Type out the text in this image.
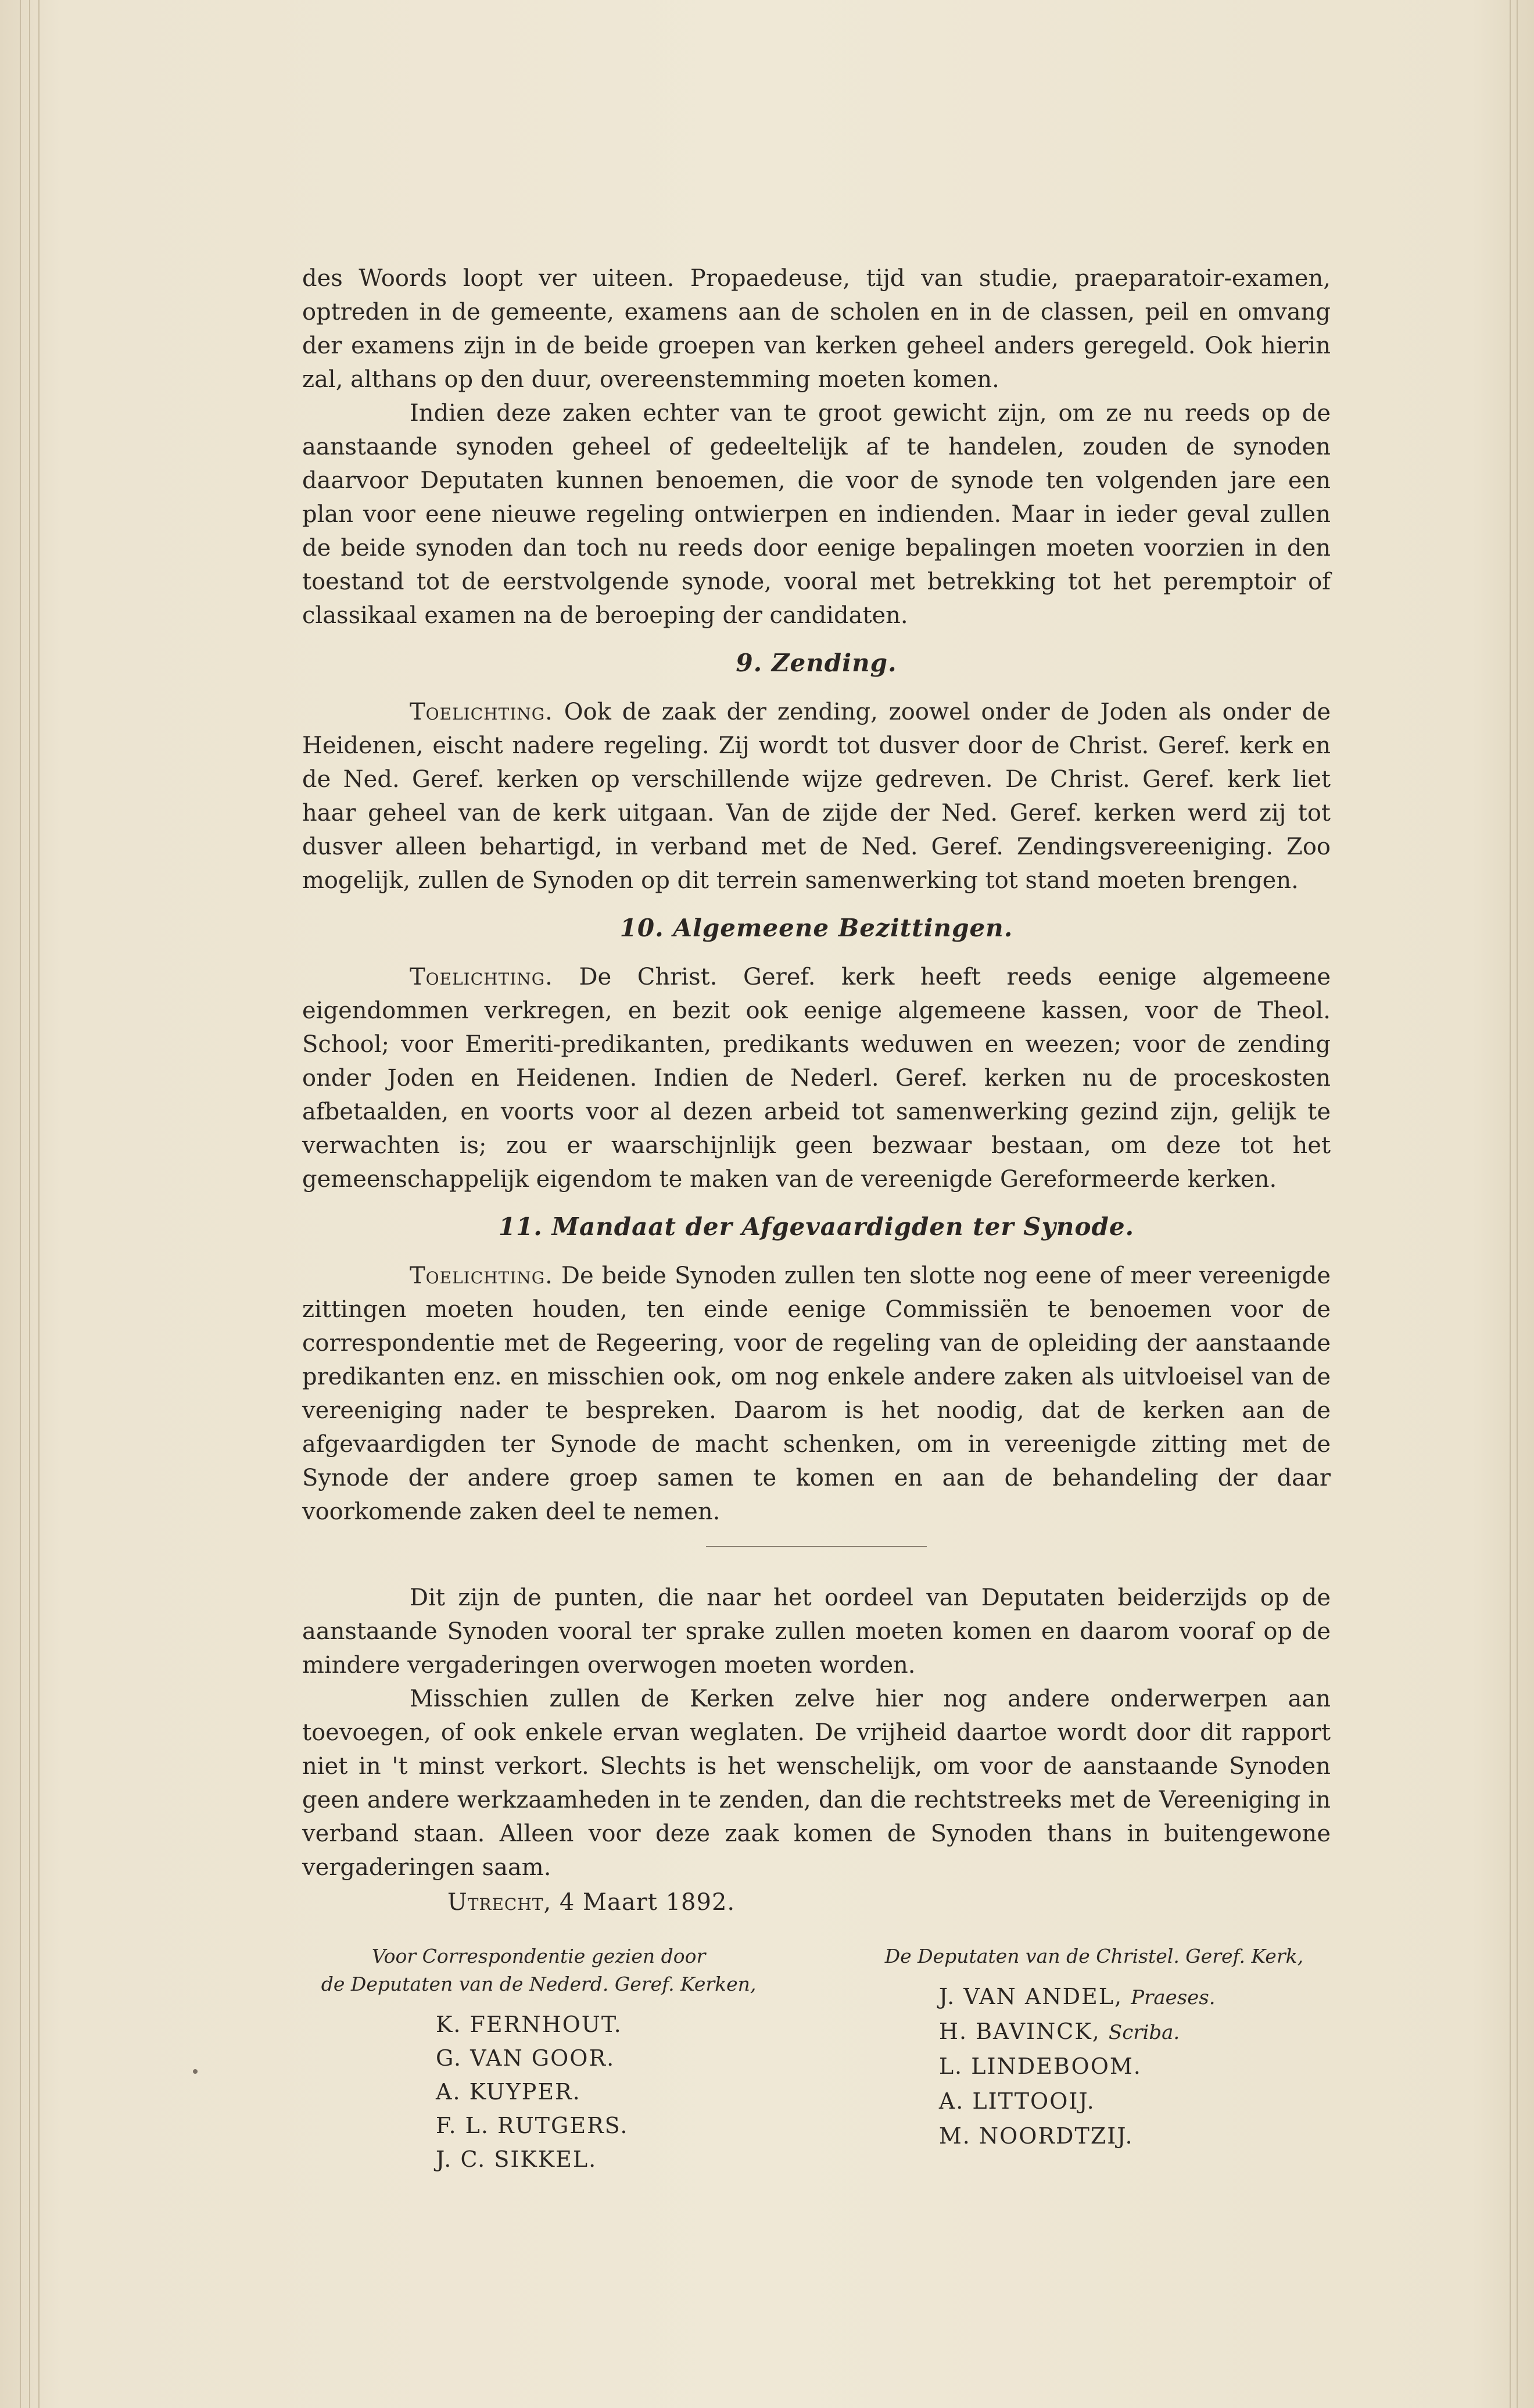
des Woords loopt ver uiteen. Propaedeuse, tijd van studie, praeparatoir-examen, optreden in de gemeente, examens aan de scholen en in de classen, peil en omvang der examens zijn in de beide groepen van kerken geheel anders geregeld. Ook hierin zal, althans op den duur, overeenstemming moeten komen.

Indien deze zaken echter van te groot gewicht zijn, om ze nu reeds op de aanstaande synoden geheel of gedeeltelijk af te handelen, zouden de synoden daarvoor Deputaten kunnen benoemen, die voor de synode ten volgenden jare een plan voor eene nieuwe regeling ontwierpen en indienden. Maar in ieder geval zullen de beide synoden dan toch nu reeds door eenige bepalingen moeten voorzien in den toestand tot de eerstvolgende synode, vooral met betrekking tot het peremptoir of classikaal examen na de beroeping der candidaten.

9. Zending.

Toelichting. Ook de zaak der zending, zoowel onder de Joden als onder de Heidenen, eischt nadere regeling. Zij wordt tot dusver door de Christ. Geref. kerk en de Ned. Geref. kerken op verschillende wijze gedreven. De Christ. Geref. kerk liet haar geheel van de kerk uitgaan. Van de zijde der Ned. Geref. kerken werd zij tot dusver alleen behartigd, in verband met de Ned. Geref. Zendingsvereeniging. Zoo mogelijk, zullen de Synoden op dit terrein samenwerking tot stand moeten brengen.

10. Algemeene Bezittingen.

Toelichting. De Christ. Geref. kerk heeft reeds eenige algemeene eigendommen verkregen, en bezit ook eenige algemeene kassen, voor de Theol. School; voor Emeriti-predikanten, predikants weduwen en weezen; voor de zending onder Joden en Heidenen. Indien de Nederl. Geref. kerken nu de proceskosten afbetaalden, en voorts voor al dezen arbeid tot samenwerking gezind zijn, gelijk te verwachten is; zou er waarschijnlijk geen bezwaar bestaan, om deze tot het gemeenschappelijk eigendom te maken van de vereenigde Gereformeerde kerken.

11. Mandaat der Afgevaardigden ter Synode.

Toelichting. De beide Synoden zullen ten slotte nog eene of meer vereenigde zittingen moeten houden, ten einde eenige Commissiën te benoemen voor de correspondentie met de Regeering, voor de regeling van de opleiding der aanstaande predikanten enz. en misschien ook, om nog enkele andere zaken als uitvloeisel van de vereeniging nader te bespreken. Daarom is het noodig, dat de kerken aan de afgevaardigden ter Synode de macht schenken, om in vereenigde zitting met de Synode der andere groep samen te komen en aan de behandeling der daar voorkomende zaken deel te nemen.

Dit zijn de punten, die naar het oordeel van Deputaten beiderzijds op de aanstaande Synoden vooral ter sprake zullen moeten komen en daarom vooraf op de mindere vergaderingen overwogen moeten worden.

Misschien zullen de Kerken zelve hier nog andere onderwerpen aan toevoegen, of ook enkele ervan weglaten. De vrijheid daartoe wordt door dit rapport niet in 't minst verkort. Slechts is het wenschelijk, om voor de aanstaande Synoden geen andere werkzaamheden in te zenden, dan die rechtstreeks met de Vereeniging in verband staan. Alleen voor deze zaak komen de Synoden thans in buitengewone vergaderingen saam.

Utrecht, 4 Maart 1892.
Voor Correspondentie gezien door
de Deputaten van de Nederd. Geref. Kerken,
K. FERNHOUT.
G. VAN GOOR.
A. KUYPER.
F. L. RUTGERS.
J. C. SIKKEL.
De Deputaten van de Christel. Geref. Kerk,
J. VAN ANDEL, Praeses.
H. BAVINCK, Scriba.
L. LINDEBOOM.
A. LITTOOIJ.
M. NOORDTZIJ.
